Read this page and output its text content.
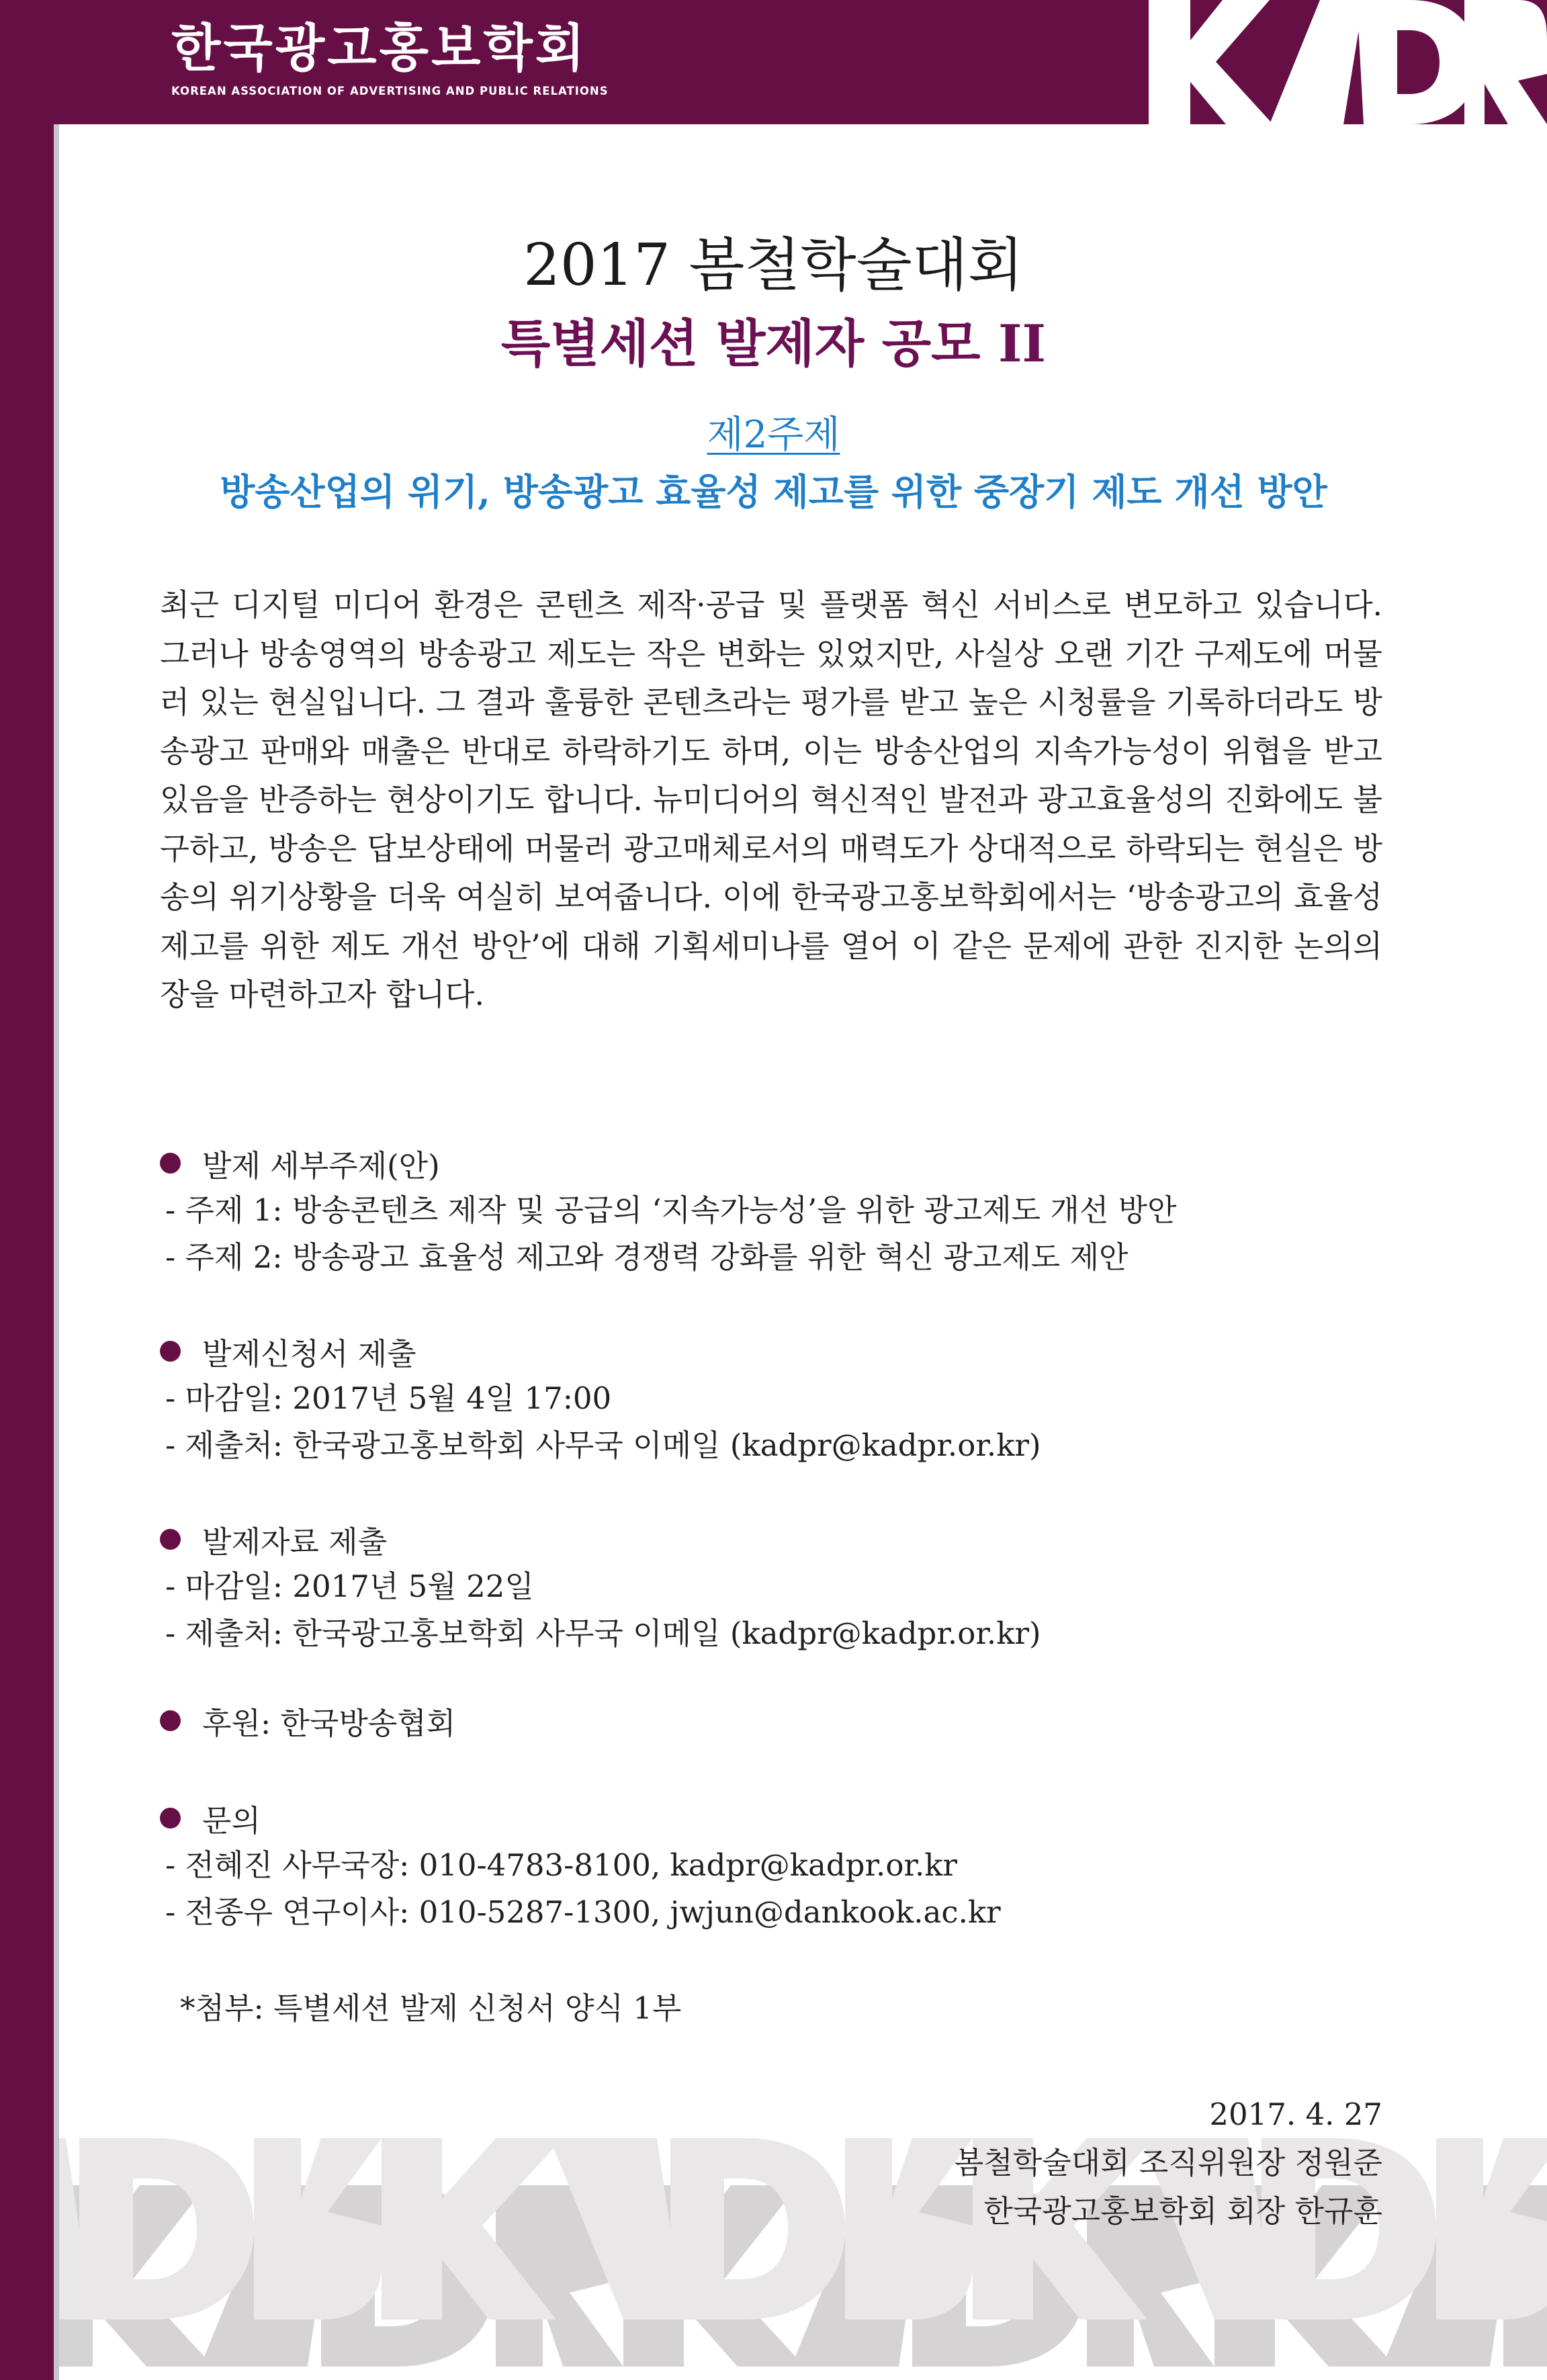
한국광고홍보학회
KOREAN ASSOCIATION OF ADVERTISING AND PUBLIC RELATIONS
2017 봄철학술대회
특별세션 발제자 공모 II
제2주제
방송산업의 위기, 방송광고 효율성 제고를 위한 중장기 제도 개선 방안

최근 디지털 미디어 환경은 콘텐츠 제작·공급 및 플랫폼 혁신 서비스로 변모하고 있습니다. 그러나 방송영역의 방송광고 제도는 작은 변화는 있었지만, 사실상 오랜 기간 구제도에 머물러 있는 현실입니다. 그 결과 훌륭한 콘텐츠라는 평가를 받고 높은 시청률을 기록하더라도 방송광고 판매와 매출은 반대로 하락하기도 하며, 이는 방송산업의 지속가능성이 위협을 받고 있음을 반증하는 현상이기도 합니다. 뉴미디어의 혁신적인 발전과 광고효율성의 진화에도 불구하고, 방송은 답보상태에 머물러 광고매체로서의 매력도가 상대적으로 하락되는 현실은 방송의 위기상황을 더욱 여실히 보여줍니다. 이에 한국광고홍보학회에서는 ‘방송광고의 효율성 제고를 위한 제도 개선 방안’에 대해 기획세미나를 열어 이 같은 문제에 관한 진지한 논의의 장을 마련하고자 합니다.

발제 세부주제(안)
- 주제 1: 방송콘텐츠 제작 및 공급의 ‘지속가능성’을 위한 광고제도 개선 방안
- 주제 2: 방송광고 효율성 제고와 경쟁력 강화를 위한 혁신 광고제도 제안
발제신청서 제출
- 마감일: 2017년 5월 4일 17:00
- 제출처: 한국광고홍보학회 사무국 이메일 (kadpr@kadpr.or.kr)
발제자료 제출
- 마감일: 2017년 5월 22일
- 제출처: 한국광고홍보학회 사무국 이메일 (kadpr@kadpr.or.kr)
후원: 한국방송협회
문의
- 전혜진 사무국장: 010-4783-8100, kadpr@kadpr.or.kr
- 전종우 연구이사: 010-5287-1300, jwjun@dankook.ac.kr
*첨부: 특별세션 발제 신청서 양식 1부
2017. 4. 27
봄철학술대회 조직위원장 정원준
한국광고홍보학회 회장 한규훈
